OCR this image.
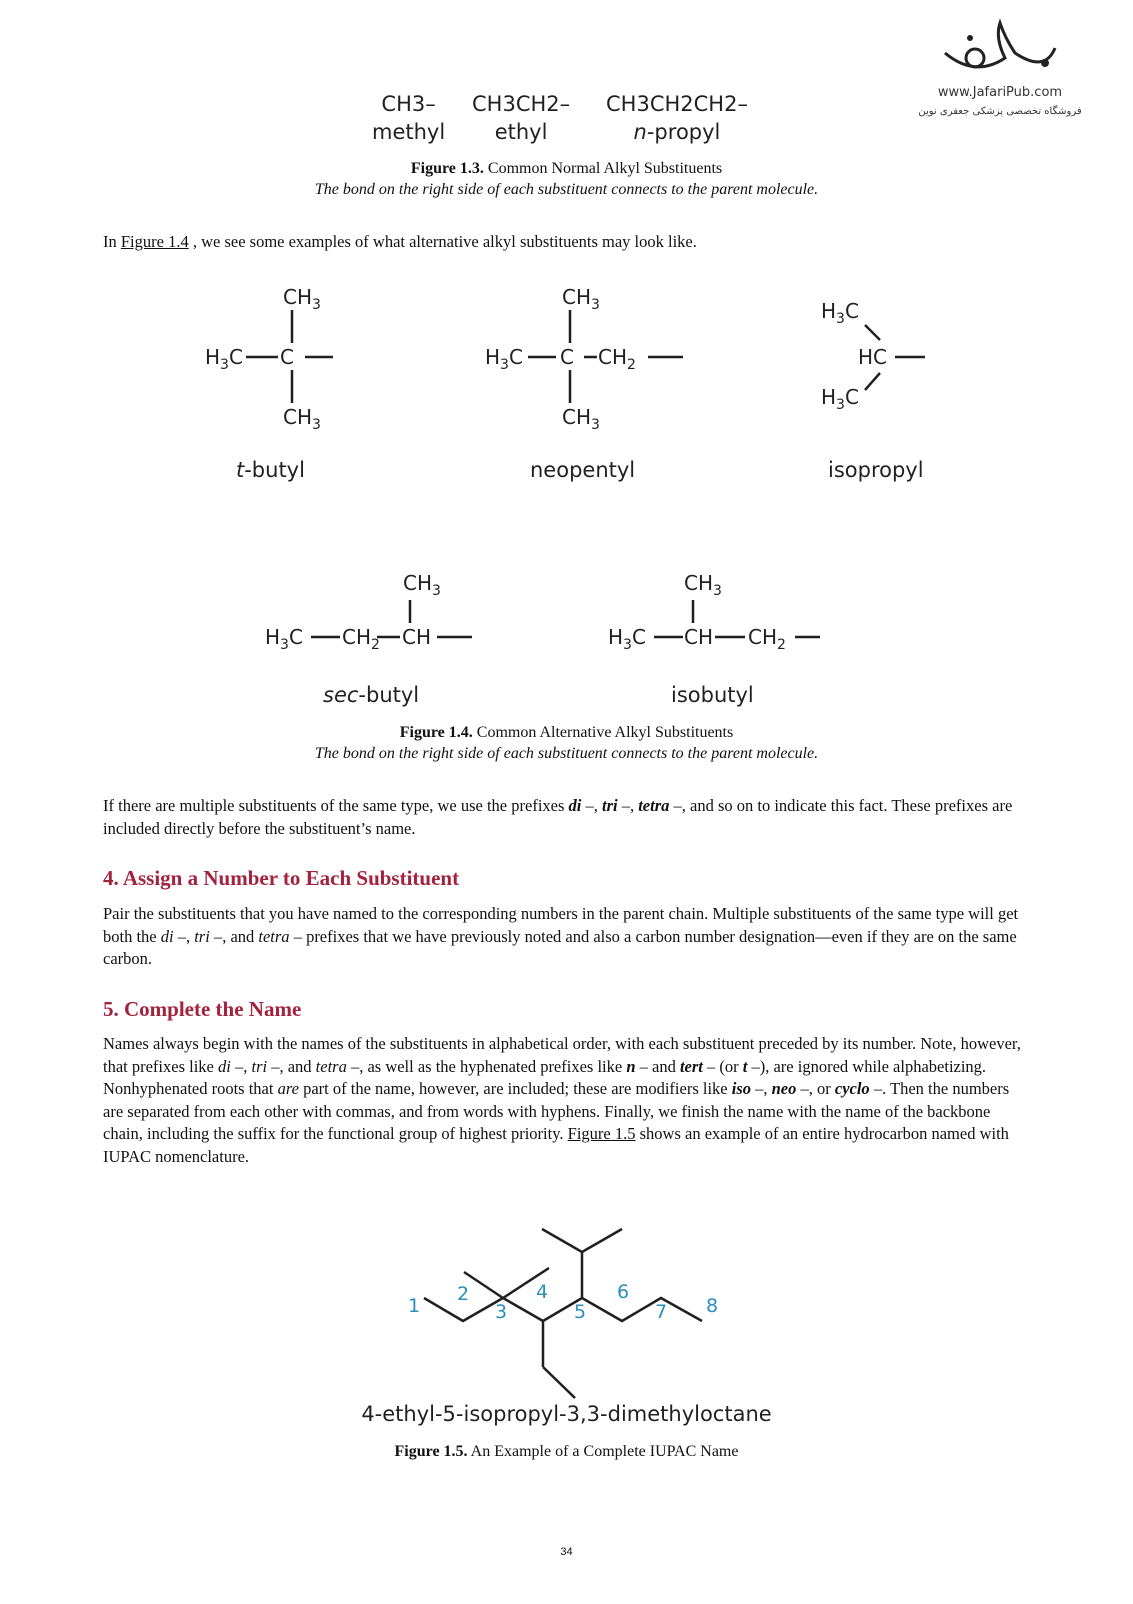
www.JafariPub.com
فروشگاه تخصصی پزشکی جعفری نوین
CH3–
methyl
CH3CH2–
ethyl
CH3CH2CH2–
n-propyl
Figure 1.3. Common Normal Alkyl Substituents
The bond on the right side of each substituent connects to the parent molecule.
In Figure 1.4 , we see some examples of what alternative alkyl substituents may look like.
$CH_3$
$H_3C$ C
$CH_3$
$CH_3$
$H_3C$ C $CH_2$
$CH_3$
$H_3C$
HC
$H_3C$
$CH_3$
$H_3C$ $CH_2$ CH
$CH_3$
$H_3C$ CH $CH_2$
t-butyl	neopentyl	isopropyl
sec-butyl	isobutyl
Figure 1.4. Common Alternative Alkyl Substituents
The bond on the right side of each substituent connects to the parent molecule.
If there are multiple substituents of the same type, we use the prefixes di –, tri –, tetra –, and so on to indicate this fact. These prefixes are included directly before the substituent’s name.
4. Assign a Number to Each Substituent
Pair the substituents that you have named to the corresponding numbers in the parent chain. Multiple substituents of the same type will get both the di –, tri –, and tetra – prefixes that we have previously noted and also a carbon number designation—even if they are on the same carbon.
5. Complete the Name
Names always begin with the names of the substituents in alphabetical order, with each substituent preceded by its number. Note, however, that prefixes like di –, tri –, and tetra –, as well as the hyphenated prefixes like n – and tert – (or t –), are ignored while alphabetizing. Nonhyphenated roots that are part of the name, however, are included; these are modifiers like iso –, neo –, or cyclo –. Then the numbers are separated from each other with commas, and from words with hyphens. Finally, we finish the name with the name of the backbone chain, including the suffix for the functional group of highest priority. Figure 1.5 shows an example of an entire hydrocarbon named with IUPAC nomenclature.
1
2
3
4
5
6
7 8
4-ethyl-5-isopropyl-3,3-dimethyloctane
Figure 1.5. An Example of a Complete IUPAC Name
34
